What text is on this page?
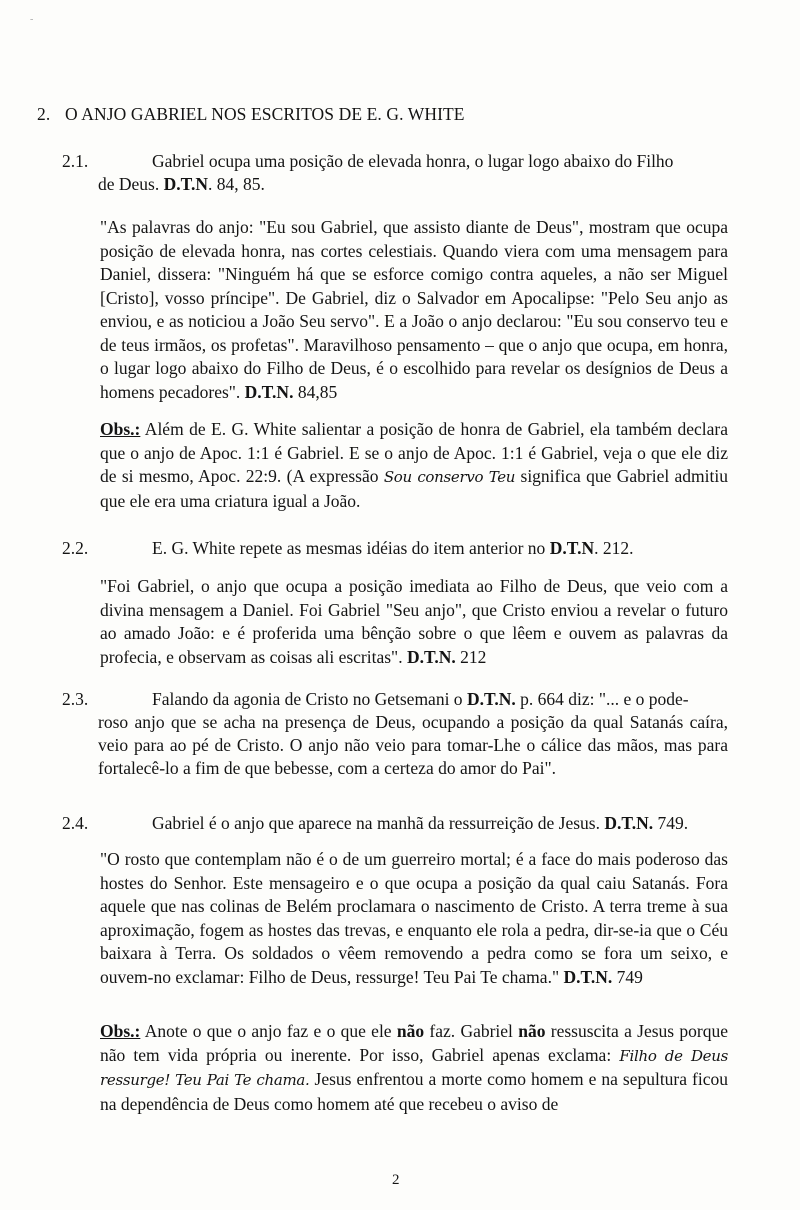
-
2. O ANJO GABRIEL NOS ESCRITOS DE E. G. WHITE
2.1.	Gabriel ocupa uma posição de elevada honra, o lugar logo abaixo do Filho
de Deus. D.T.N. 84, 85.

"As palavras do anjo: "Eu sou Gabriel, que assisto diante de Deus", mostram que ocupa posição de elevada honra, nas cortes celestiais. Quando viera com uma mensagem para Daniel, dissera: "Ninguém há que se esforce comigo contra aqueles, a não ser Miguel [Cristo], vosso príncipe". De Gabriel, diz o Salvador em Apocalipse: "Pelo Seu anjo as enviou, e as noticiou a João Seu servo". E a João o anjo declarou: "Eu sou conservo teu e de teus irmãos, os profetas". Maravilhoso pensamento – que o anjo que ocupa, em honra, o lugar logo abaixo do Filho de Deus, é o escolhido para revelar os desígnios de Deus a homens pecadores". D.T.N. 84,85

Obs.: Além de E. G. White salientar a posição de honra de Gabriel, ela também declara que o anjo de Apoc. 1:1 é Gabriel. E se o anjo de Apoc. 1:1 é Gabriel, veja o que ele diz de si mesmo, Apoc. 22:9. (A expressão Sou conservo Teu significa que Gabriel admitiu que ele era uma criatura igual a João.

2.2.	E. G. White repete as mesmas idéias do item anterior no D.T.N. 212.

"Foi Gabriel, o anjo que ocupa a posição imediata ao Filho de Deus, que veio com a divina mensagem a Daniel. Foi Gabriel "Seu anjo", que Cristo enviou a revelar o futuro ao amado João: e é proferida uma bênção sobre o que lêem e ouvem as palavras da profecia, e observam as coisas ali escritas". D.T.N. 212

2.3.	Falando da agonia de Cristo no Getsemani o D.T.N. p. 664 diz: "... e o pode-
roso anjo que se acha na presença de Deus, ocupando a posição da qual Satanás caíra, veio para ao pé de Cristo. O anjo não veio para tomar-Lhe o cálice das mãos, mas para fortalecê-lo a fim de que bebesse, com a certeza do amor do Pai".
2.4.	Gabriel é o anjo que aparece na manhã da ressurreição de Jesus. D.T.N. 749.

"O rosto que contemplam não é o de um guerreiro mortal; é a face do mais poderoso das hostes do Senhor. Este mensageiro e o que ocupa a posição da qual caiu Satanás. Fora aquele que nas colinas de Belém proclamara o nascimento de Cristo. A terra treme à sua aproximação, fogem as hostes das trevas, e enquanto ele rola a pedra, dir-se-ia que o Céu baixara à Terra. Os soldados o vêem removendo a pedra como se fora um seixo, e ouvem-no exclamar: Filho de Deus, ressurge! Teu Pai Te chama." D.T.N. 749

Obs.: Anote o que o anjo faz e o que ele não faz. Gabriel não ressuscita a Jesus porque não tem vida própria ou inerente. Por isso, Gabriel apenas exclama: Filho de Deus ressurge! Teu Pai Te chama. Jesus enfrentou a morte como homem e na sepultura ficou na dependência de Deus como homem até que recebeu o aviso de

2
